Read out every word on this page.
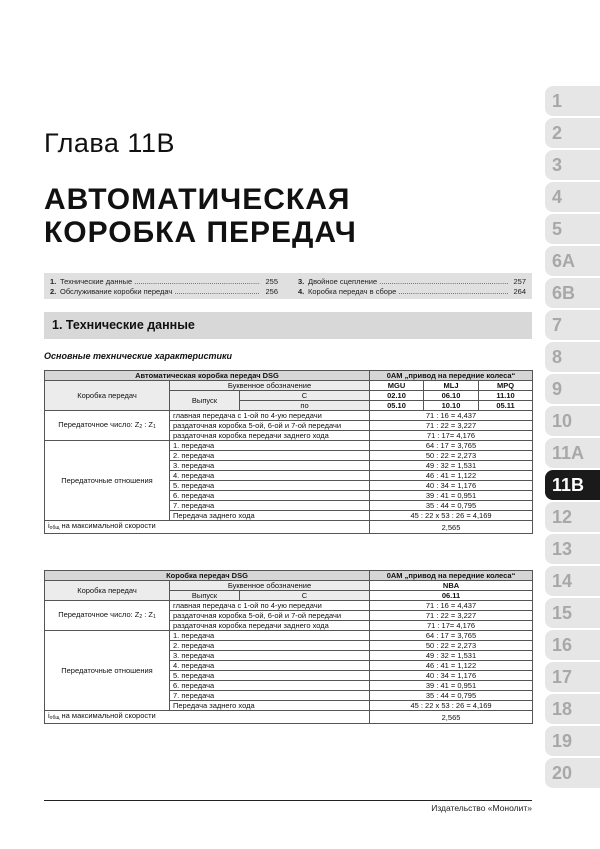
Глава 11В
АВТОМАТИЧЕСКАЯ
КОРОБКА ПЕРЕДАЧ
1. Технические данные .....	255
2. Обслуживание коробки передач .....	256
3. Двойное сцепление .....	257
4. Коробка передач в сборе .....	264
1. Технические данные
Основные технические характеристики
Автоматическая коробка передач DSG			0AM „привод на передние колеса“		
Коробка передач	Буквенное обозначение		MGU	MLJ	MPQ
	Выпуск	С	02.10	06.10	11.10
		по	05.10	10.10	05.11
Передаточное число: $Z_2$ : $Z_1$	главная передача с 1-ой по 4-ую передачи		71 : 16 = 4,437		
	раздаточная коробка 5-ой, 6-ой и 7-ой передачи		71 : 22 = 3,227		
	раздаточная коробка передачи заднего хода		71 : 17= 4,176		
Передаточные отношения	1. передача		64 : 17 = 3,765		
	2. передача		50 : 22 = 2,273		
	3. передача		49 : 32 = 1,531		
	4. передача		46 : 41 = 1,122		
	5. передача		40 : 34 = 1,176		
	6. передача		39 : 41 = 0,951		
	7. передача		35 : 44 = 0,795		
	Передача заднего хода		45 : 22 x 53 : 26 = 4,169		
$i_{общ}$ на максимальной скорости			2,565		
Коробка передач DSG			0AM „привод на передние колеса“
Коробка передач	Буквенное обозначение		NBA
	Выпуск	С	06.11
Передаточное число: $Z_2$ : $Z_1$	главная передача с 1-ой по 4-ую передачи		71 : 16 = 4,437
	раздаточная коробка 5-ой, 6-ой и 7-ой передачи		71 : 22 = 3,227
	раздаточная коробка передачи заднего хода		71 : 17= 4,176
Передаточные отношения	1. передача		64 : 17 = 3,765
	2. передача		50 : 22 = 2,273
	3. передача		49 : 32 = 1,531
	4. передача		46 : 41 = 1,122
	5. передача		40 : 34 = 1,176
	6. передача		39 : 41 = 0,951
	7. передача		35 : 44 = 0,795
	Передача заднего хода		45 : 22 x 53 : 26 = 4,169
$i_{общ}$ на максимальной скорости			2,565
1
2
3
4
5
6А
6В
7
8
9
10
11А
11В
12
13
14
15
16
17
18
19
20
Издательство «Монолит»
